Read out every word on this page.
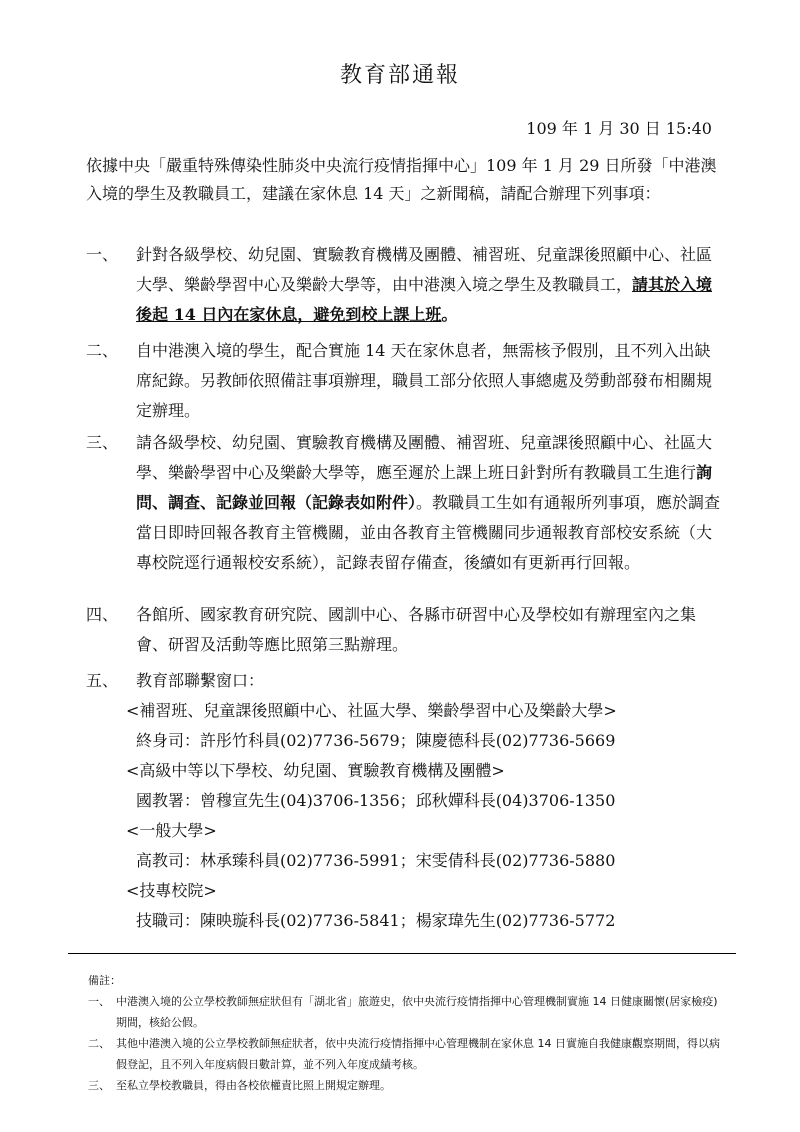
教育部通報
109 年 1 月 30 日 15:40
依據中央「嚴重特殊傳染性肺炎中央流行疫情指揮中心」109 年 1 月 29 日所發「中港澳入境的學生及教職員工，建議在家休息 14 天」之新聞稿，請配合辦理下列事項：
一、 針對各級學校、幼兒園、實驗教育機構及團體、補習班、兒童課後照顧中心、社區大學、樂齡學習中心及樂齡大學等，由中港澳入境之學生及教職員工，請其於入境後起 14 日內在家休息，避免到校上課上班。
二、 自中港澳入境的學生，配合實施 14 天在家休息者，無需核予假別，且不列入出缺席紀錄。另教師依照備註事項辦理，職員工部分依照人事總處及勞動部發布相關規定辦理。
三、 請各級學校、幼兒園、實驗教育機構及團體、補習班、兒童課後照顧中心、社區大學、樂齡學習中心及樂齡大學等，應至遲於上課上班日針對所有教職員工生進行詢問、調查、記錄並回報（記錄表如附件）。教職員工生如有通報所列事項，應於調查當日即時回報各教育主管機關，並由各教育主管機關同步通報教育部校安系統（大專校院逕行通報校安系統），記錄表留存備查，後續如有更新再行回報。
四、 各館所、國家教育研究院、國訓中心、各縣市研習中心及學校如有辦理室內之集會、研習及活動等應比照第三點辦理。
五、 教育部聯繫窗口：
<補習班、兒童課後照顧中心、社區大學、樂齡學習中心及樂齡大學>
終身司：許彤竹科員(02)7736-5679；陳慶德科長(02)7736-5669
<高級中等以下學校、幼兒園、實驗教育機構及團體>
國教署：曾穆宣先生(04)3706-1356；邱秋嬋科長(04)3706-1350
<一般大學>
高教司：林承臻科員(02)7736-5991；宋雯倩科長(02)7736-5880
<技專校院>
技職司：陳映璇科長(02)7736-5841；楊家瑋先生(02)7736-5772
備註：
一、 中港澳入境的公立學校教師無症狀但有「湖北省」旅遊史，依中央流行疫情指揮中心管理機制實施 14 日健康關懷(居家檢疫)期間，核給公假。
二、 其他中港澳入境的公立學校教師無症狀者，依中央流行疫情指揮中心管理機制在家休息 14 日實施自我健康觀察期間，得以病假登記，且不列入年度病假日數計算，並不列入年度成績考核。
三、 至私立學校教職員，得由各校依權責比照上開規定辦理。
